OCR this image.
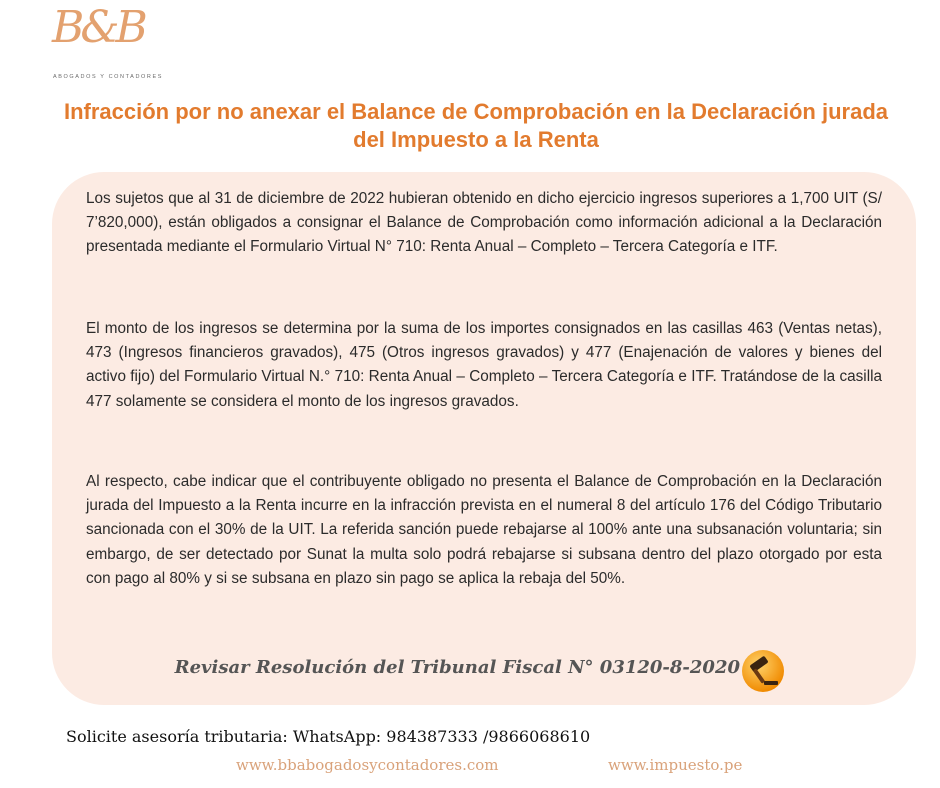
B&B
ABOGADOS Y CONTADORES
Infracción por no anexar el Balance de Comprobación en la Declaración jurada del Impuesto a la Renta

Los sujetos que al 31 de diciembre de 2022 hubieran obtenido en dicho ejercicio ingresos superiores a 1,700 UIT (S/ 7’820,000), están obligados a consignar el Balance de Comprobación como información adicional a la Declaración presentada mediante el Formulario Virtual N° 710: Renta Anual – Completo – Tercera Categoría e ITF.

El monto de los ingresos se determina por la suma de los importes consignados en las casillas 463 (Ventas netas), 473 (Ingresos financieros gravados), 475 (Otros ingresos gravados) y 477 (Enajenación de valores y bienes del activo fijo) del Formulario Virtual N.° 710: Renta Anual – Completo – Tercera Categoría e ITF. Tratándose de la casilla 477 solamente se considera el monto de los ingresos gravados.

Al respecto, cabe indicar que el contribuyente obligado no presenta el Balance de Comprobación en la Declaración jurada del Impuesto a la Renta incurre en la infracción prevista en el numeral 8 del artículo 176 del Código Tributario sancionada con el 30% de la UIT. La referida sanción puede rebajarse al 100% ante una subsanación voluntaria; sin embargo, de ser detectado por Sunat la multa solo podrá rebajarse si subsana dentro del plazo otorgado por esta con pago al 80% y si se subsana en plazo sin pago se aplica la rebaja del 50%.

Revisar Resolución del Tribunal Fiscal N° 03120-8-2020

Solicite asesoría tributaria: WhatsApp: 984387333 /9866068610

www.bbabogadosycontadores.com	www.impuesto.pe
